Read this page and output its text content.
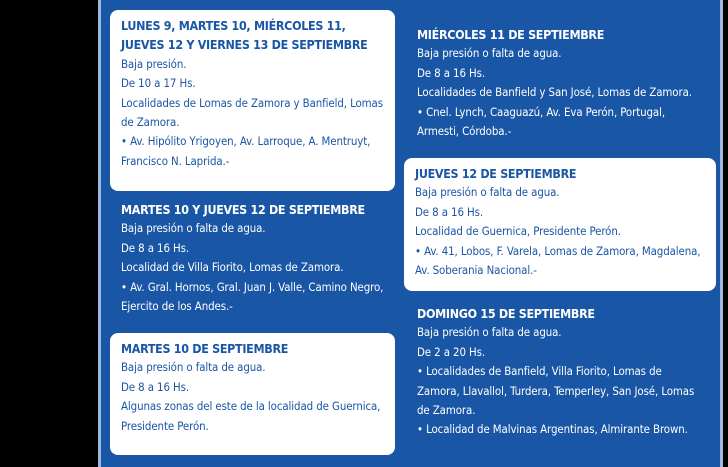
LUNES 9, MARTES 10, MIÉRCOLES 11, JUEVES 12 Y VIERNES 13 DE SEPTIEMBRE
Baja presión.
De 10 a 17 Hs.
Localidades de Lomas de Zamora y Banfield, Lomas de Zamora.
• Av. Hipólito Yrigoyen, Av. Larroque, A. Mentruyt, Francisco N. Laprida.-
MARTES 10 Y JUEVES 12 DE SEPTIEMBRE
Baja presión o falta de agua.
De 8 a 16 Hs.
Localidad de Villa Fiorito, Lomas de Zamora.
• Av. Gral. Hornos, Gral. Juan J. Valle, Camino Negro, Ejercito de los Andes.-
MARTES 10 DE SEPTIEMBRE
Baja presión o falta de agua.
De 8 a 16 Hs.
Algunas zonas del este de la localidad de Guernica, Presidente Perón.
MIÉRCOLES 11 DE SEPTIEMBRE
Baja presión o falta de agua.
De 8 a 16 Hs.
Localidades de Banfield y San José, Lomas de Zamora.
• Cnel. Lynch, Caaguazú, Av. Eva Perón, Portugal, Armesti, Córdoba.-
JUEVES 12 DE SEPTIEMBRE
Baja presión o falta de agua.
De 8 a 16 Hs.
Localidad de Guernica, Presidente Perón.
• Av. 41, Lobos, F. Varela, Lomas de Zamora, Magdalena, Av. Soberania Nacional.-
DOMINGO 15 DE SEPTIEMBRE
Baja presión o falta de agua.
De 2 a 20 Hs.
• Localidades de Banfield, Villa Fiorito, Lomas de Zamora, Llavallol, Turdera, Temperley, San José, Lomas de Zamora.
• Localidad de Malvinas Argentinas, Almirante Brown.
